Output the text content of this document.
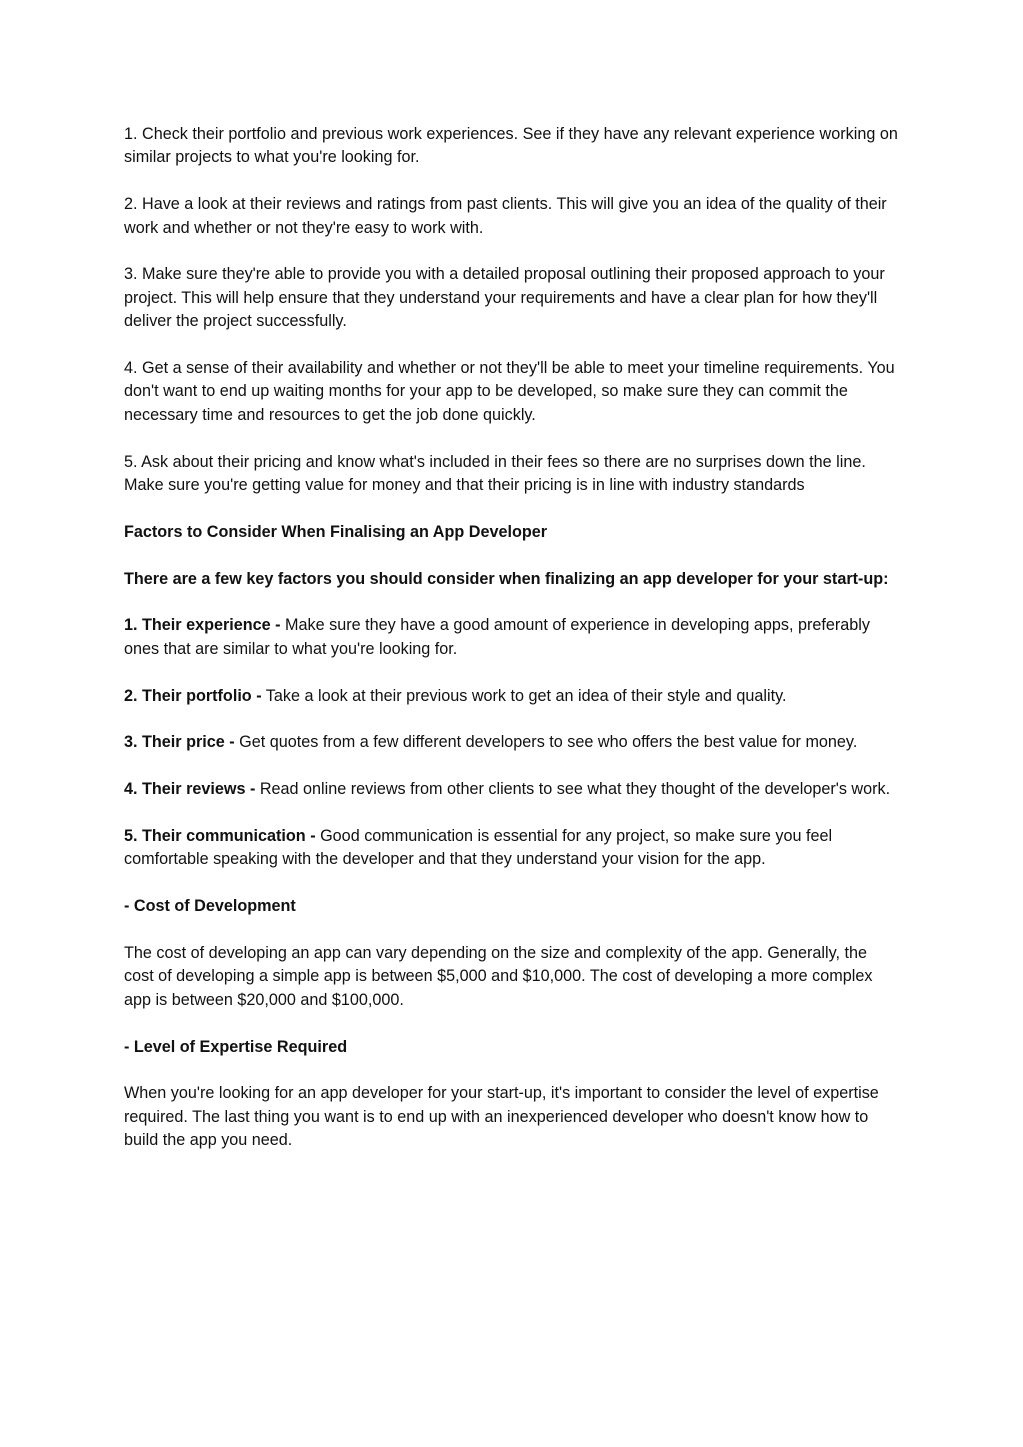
1. Check their portfolio and previous work experiences. See if they have any relevant experience working on similar projects to what you're looking for.

2. Have a look at their reviews and ratings from past clients. This will give you an idea of the quality of their work and whether or not they're easy to work with.

3. Make sure they're able to provide you with a detailed proposal outlining their proposed approach to your project. This will help ensure that they understand your requirements and have a clear plan for how they'll deliver the project successfully.

4. Get a sense of their availability and whether or not they'll be able to meet your timeline requirements. You don't want to end up waiting months for your app to be developed, so make sure they can commit the necessary time and resources to get the job done quickly.

5. Ask about their pricing and know what's included in their fees so there are no surprises down the line. Make sure you're getting value for money and that their pricing is in line with industry standards

Factors to Consider When Finalising an App Developer

There are a few key factors you should consider when finalizing an app developer for your start-up:

1. Their experience - Make sure they have a good amount of experience in developing apps, preferably ones that are similar to what you're looking for.

2. Their portfolio - Take a look at their previous work to get an idea of their style and quality.

3. Their price - Get quotes from a few different developers to see who offers the best value for money.

4. Their reviews - Read online reviews from other clients to see what they thought of the developer's work.

5. Their communication - Good communication is essential for any project, so make sure you feel comfortable speaking with the developer and that they understand your vision for the app.

- Cost of Development

The cost of developing an app can vary depending on the size and complexity of the app. Generally, the cost of developing a simple app is between $5,000 and $10,000. The cost of developing a more complex app is between $20,000 and $100,000.

- Level of Expertise Required

When you're looking for an app developer for your start-up, it's important to consider the level of expertise required. The last thing you want is to end up with an inexperienced developer who doesn't know how to build the app you need.
